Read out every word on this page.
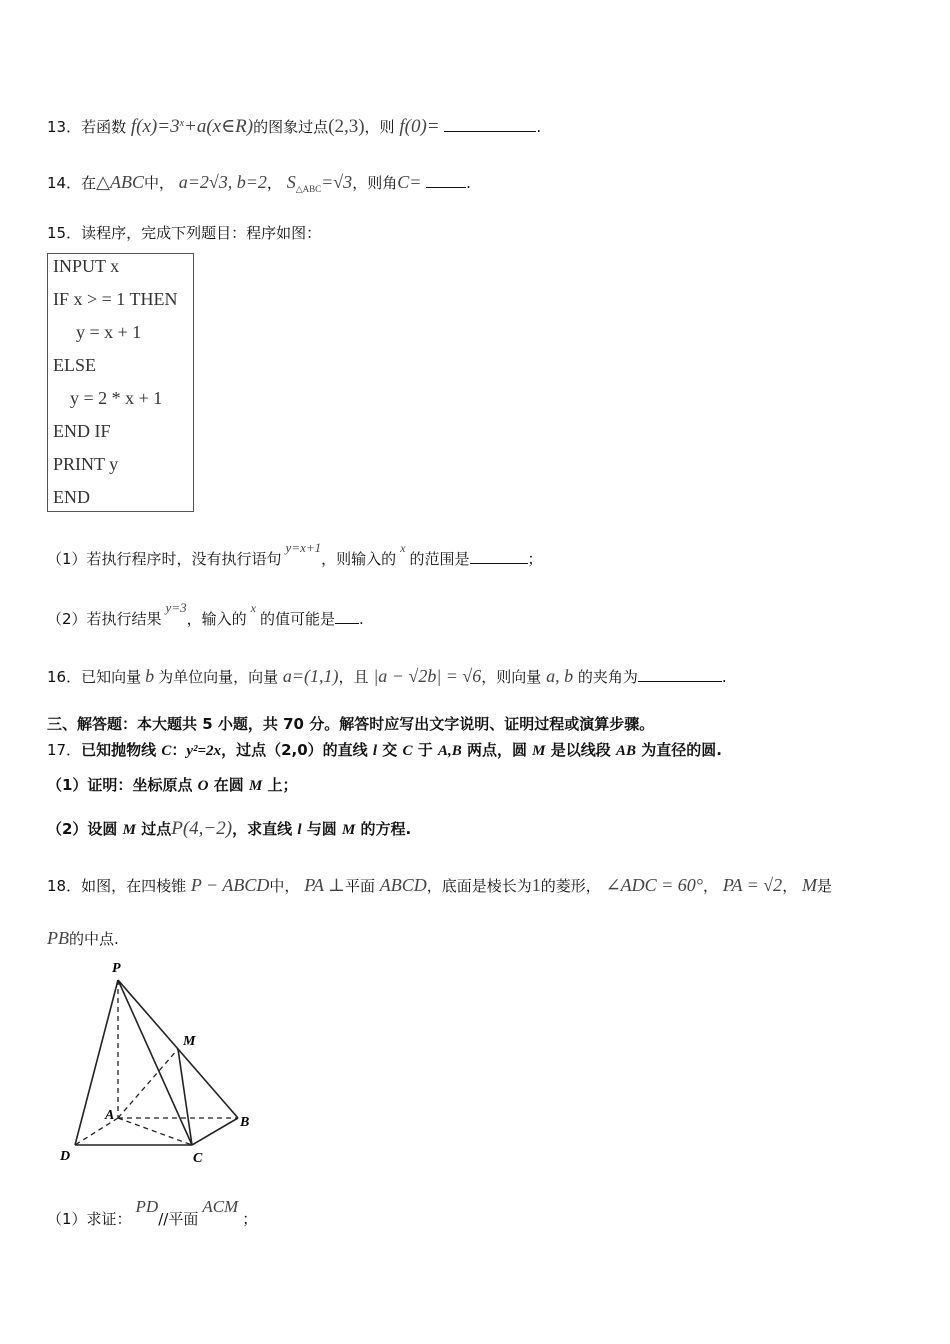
13．若函数 $f(x)=3^x+a(x\in R)$的图象过点(2,3)，则 f(0)=	.
14．在△ABC中， a=2√3, b=2， $S_{\triangle ABC}=√3$，则角C=	.
15．读程序，完成下列题目：程序如图：
INPUT x
IF x > = 1 THEN
y = x + 1
ELSE
y = 2 * x + 1
END IF
PRINT y
END
（1）若执行程序时，没有执行语句y=x+1，则输入的$^x$的范围是	；
（2）若执行结果y=3，输入的$^x$的值可能是 .
16．已知向量 b 为单位向量，向量 a=(1,1)，且 |a − √2b| = √6，则向量 a, b 的夹角为	.
三、解答题：本大题共 5 小题，共 70 分。解答时应写出文字说明、证明过程或演算步骤。
17．已知抛物线 C：y²=2x，过点（2,0）的直线 l 交 C 于 A,B 两点，圆 M 是以线段 AB 为直径的圆.
（1）证明：坐标原点 O 在圆 M 上；
（2）设圆 M 过点P(4,−2)，求直线 l 与圆 M 的方程.
18．如图，在四棱锥 P − ABCD中， PA ⊥平面 ABCD，底面是棱长为1的菱形， ∠ADC = 60°， PA = √2， M是
PB的中点.
P
M
A	B
D	C
（1）求证：PD//平面ACM；
